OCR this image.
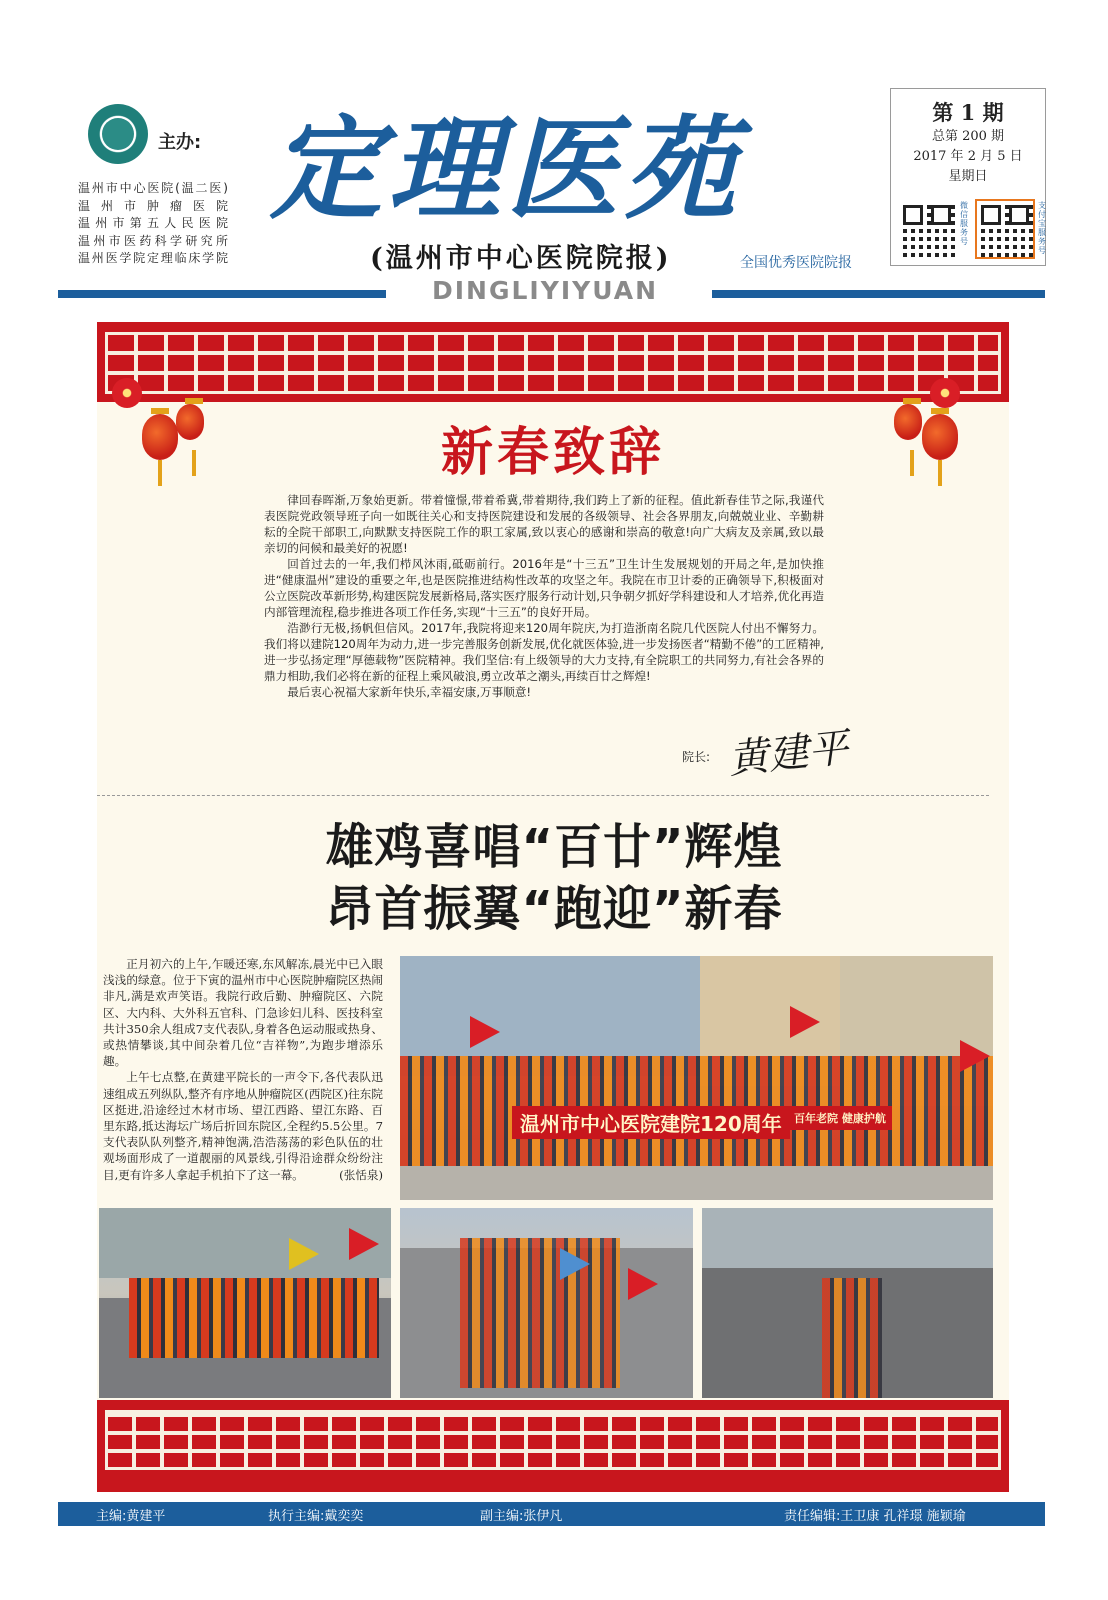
主办:
温州市中心医院(温二医)
温州市肿瘤医院
温州市第五人民医院
温州市医药科学研究所
温州医学院定理临床学院
定理医苑
(温州市中心医院院报)	全国优秀医院院报
DINGLIYIYUAN
第 1 期
总第 200 期
2017 年 2 月 5 日
星期日
微信服务号
支付宝服务号
新春致辞

律回春晖渐,万象始更新。带着憧憬,带着希冀,带着期待,我们跨上了新的征程。值此新春佳节之际,我谨代表医院党政领导班子向一如既往关心和支持医院建设和发展的各级领导、社会各界朋友,向兢兢业业、辛勤耕耘的全院干部职工,向默默支持医院工作的职工家属,致以衷心的感谢和崇高的敬意!向广大病友及亲属,致以最亲切的问候和最美好的祝愿!

回首过去的一年,我们栉风沐雨,砥砺前行。2016年是“十三五”卫生计生发展规划的开局之年,是加快推进“健康温州”建设的重要之年,也是医院推进结构性改革的攻坚之年。我院在市卫计委的正确领导下,积极面对公立医院改革新形势,构建医院发展新格局,落实医疗服务行动计划,只争朝夕抓好学科建设和人才培养,优化再造内部管理流程,稳步推进各项工作任务,实现“十三五”的良好开局。

浩渺行无极,扬帆但信风。2017年,我院将迎来120周年院庆,为打造浙南名院几代医院人付出不懈努力。我们将以建院120周年为动力,进一步完善服务创新发展,优化就医体验,进一步发扬医者“精勤不倦”的工匠精神,进一步弘扬定理“厚德载物”医院精神。我们坚信:有上级领导的大力支持,有全院职工的共同努力,有社会各界的鼎力相助,我们必将在新的征程上乘风破浪,勇立改革之潮头,再续百廿之辉煌!

最后衷心祝福大家新年快乐,幸福安康,万事顺意!

院长: 黄建平
雄鸡喜唱“百廿”辉煌
昂首振翼“跑迎”新春

正月初六的上午,乍暖还寒,东风解冻,晨光中已入眼浅浅的绿意。位于下寅的温州市中心医院肿瘤院区热闹非凡,满是欢声笑语。我院行政后勤、肿瘤院区、六院区、大内科、大外科五官科、门急诊妇儿科、医技科室共计350余人组成7支代表队,身着各色运动服或热身、或热情攀谈,其中间杂着几位“吉祥物”,为跑步增添乐趣。

上午七点整,在黄建平院长的一声令下,各代表队迅速组成五列纵队,整齐有序地从肿瘤院区(西院区)往东院区挺进,沿途经过木材市场、望江西路、望江东路、百里东路,抵达海坛广场后折回东院区,全程约5.5公里。7支代表队队列整齐,精神饱满,浩浩荡荡的彩色队伍的壮观场面形成了一道靓丽的风景线,引得沿途群众纷纷注目,更有许多人拿起手机拍下了这一幕。	(张恬泉)

温州市中心医院建院120周年	百年老院 健康护航
主编:黄建平	执行主编:戴奕奕	副主编:张伊凡	责任编辑:王卫康 孔祥璟 施颖瑜
